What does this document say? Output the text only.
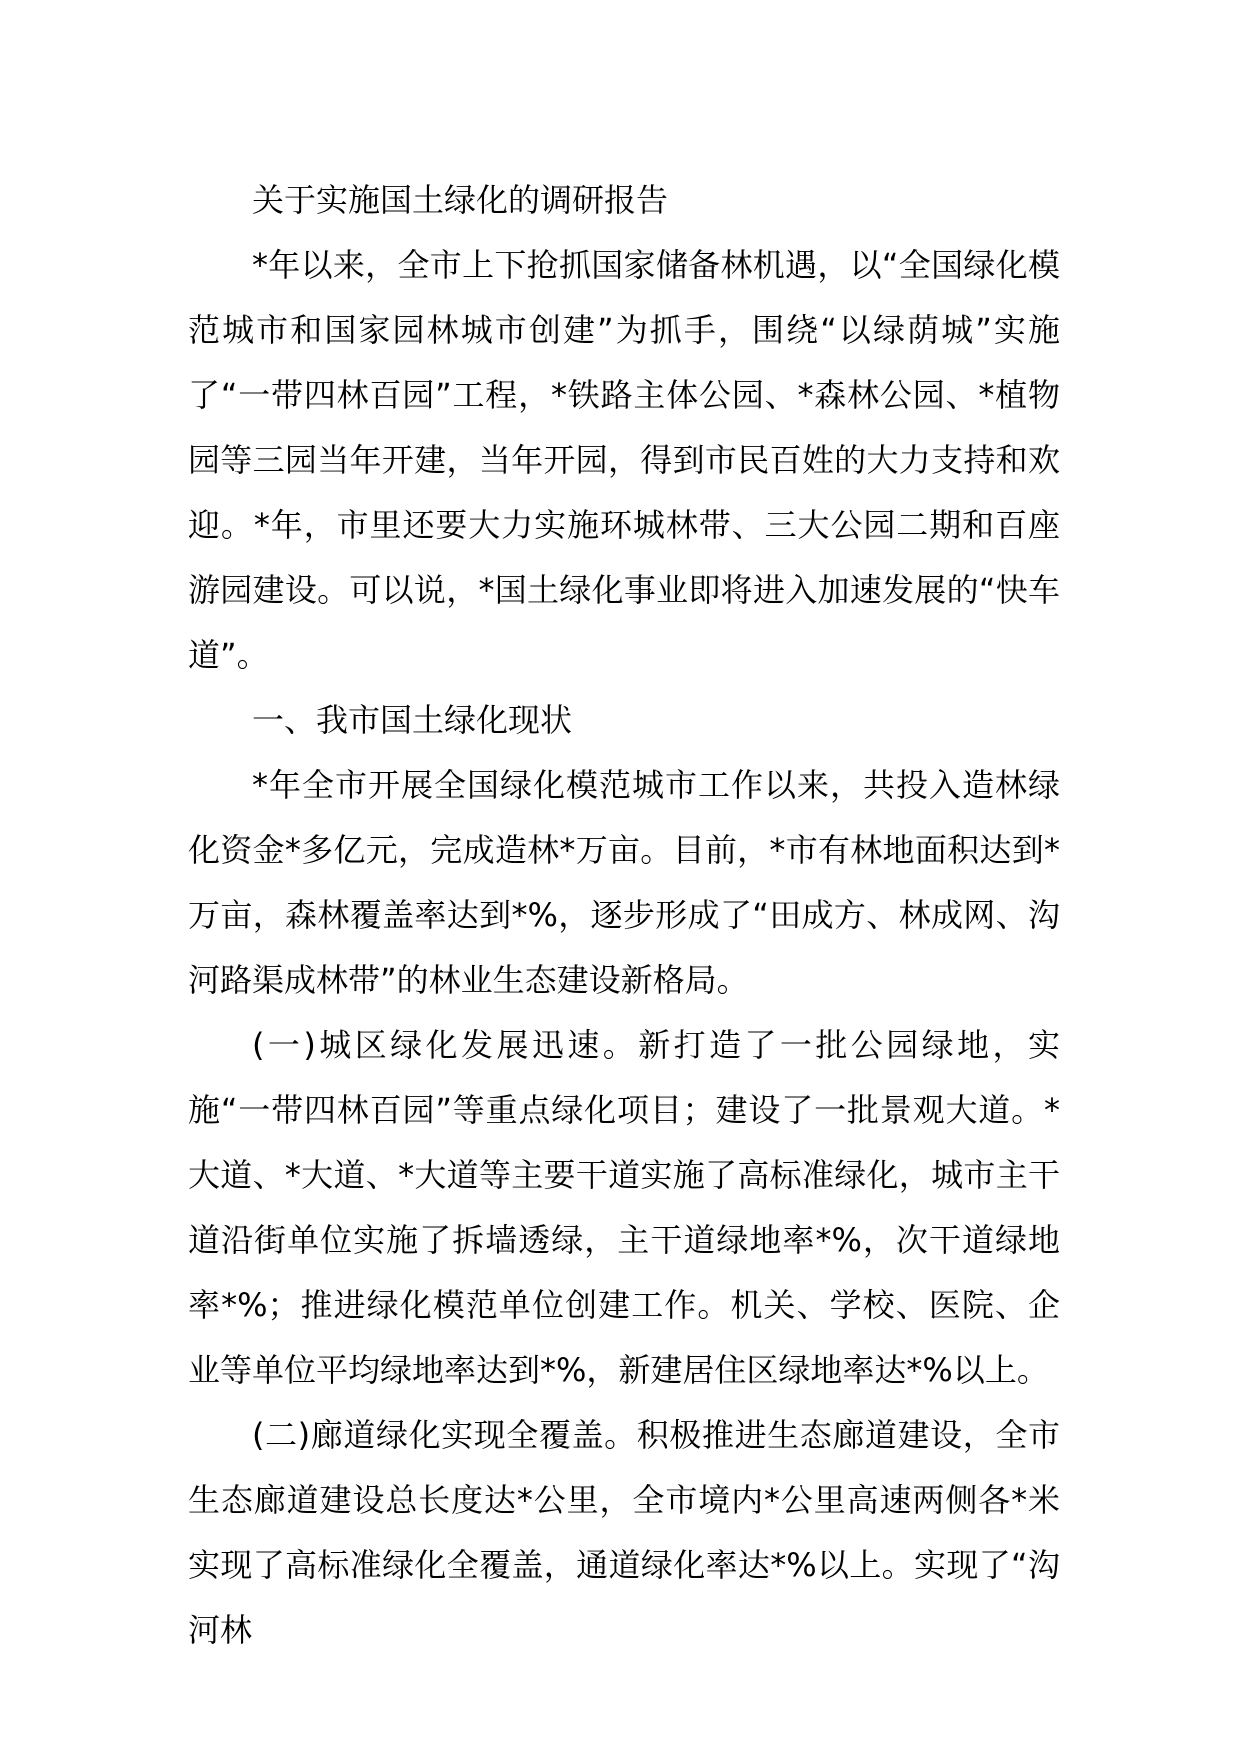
关于实施国土绿化的调研报告

*年以来，全市上下抢抓国家储备林机遇，以“全国绿化模范城市和国家园林城市创建”为抓手，围绕“以绿荫城”实施了“一带四林百园”工程，*铁路主体公园、*森林公园、*植物园等三园当年开建，当年开园，得到市民百姓的大力支持和欢迎。*年，市里还要大力实施环城林带、三大公园二期和百座游园建设。可以说，*国土绿化事业即将进入加速发展的“快车道”。

一、我市国土绿化现状

*年全市开展全国绿化模范城市工作以来，共投入造林绿化资金*多亿元，完成造林*万亩。目前，*市有林地面积达到*万亩，森林覆盖率达到*%，逐步形成了“田成方、林成网、沟河路渠成林带”的林业生态建设新格局。

(一)城区绿化发展迅速。新打造了一批公园绿地，实施“一带四林百园”等重点绿化项目；建设了一批景观大道。*大道、*大道、*大道等主要干道实施了高标准绿化，城市主干道沿街单位实施了拆墙透绿，主干道绿地率*%，次干道绿地率*%；推进绿化模范单位创建工作。机关、学校、医院、企业等单位平均绿地率达到*%，新建居住区绿地率达*%以上。

(二)廊道绿化实现全覆盖。积极推进生态廊道建设，全市生态廊道建设总长度达*公里，全市境内*公里高速两侧各*米实现了高标准绿化全覆盖，通道绿化率达*%以上。实现了“沟河林
